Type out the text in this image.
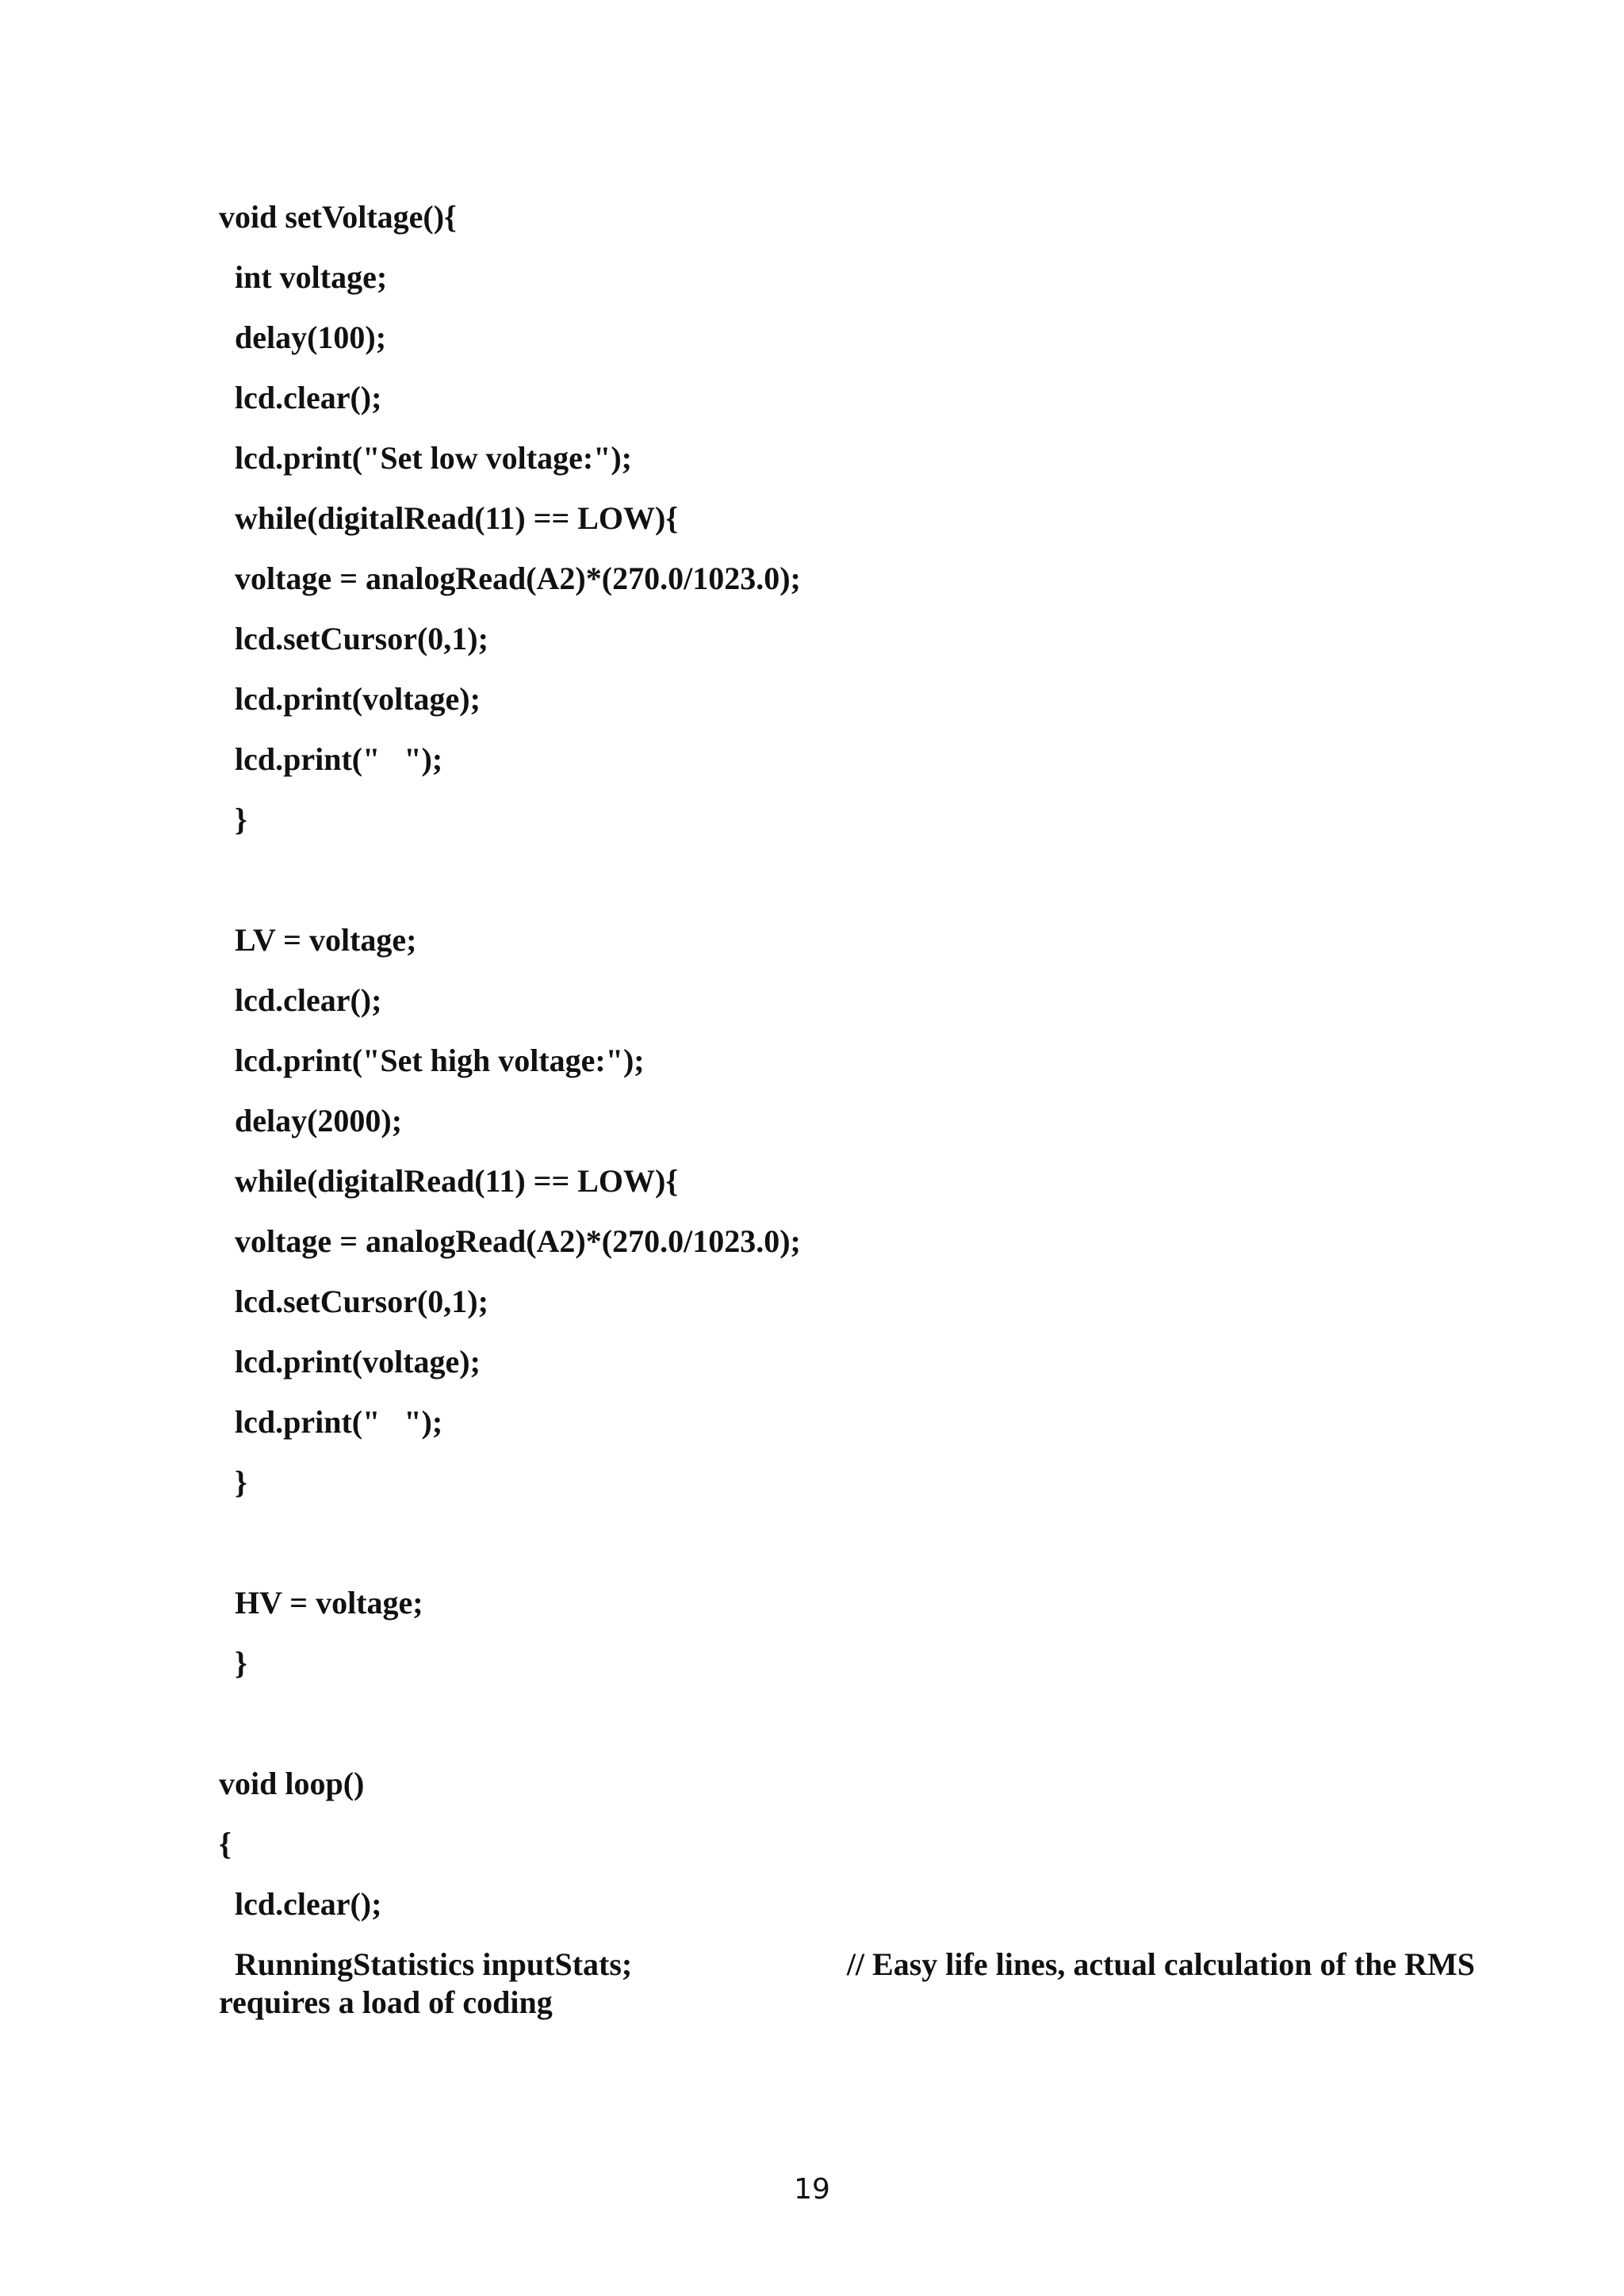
void setVoltage(){
int voltage;
delay(100);
lcd.clear();
lcd.print("Set low voltage:");
while(digitalRead(11) == LOW){
voltage = analogRead(A2)*(270.0/1023.0);
lcd.setCursor(0,1);
lcd.print(voltage);
lcd.print("   ");
}
LV = voltage;
lcd.clear();
lcd.print("Set high voltage:");
delay(2000);
while(digitalRead(11) == LOW){
voltage = analogRead(A2)*(270.0/1023.0);
lcd.setCursor(0,1);
lcd.print(voltage);
lcd.print("   ");
}
HV = voltage;
}
void loop()
{
lcd.clear();
RunningStatistics inputStats;	// Easy life lines, actual calculation of the RMS
requires a load of coding
19
